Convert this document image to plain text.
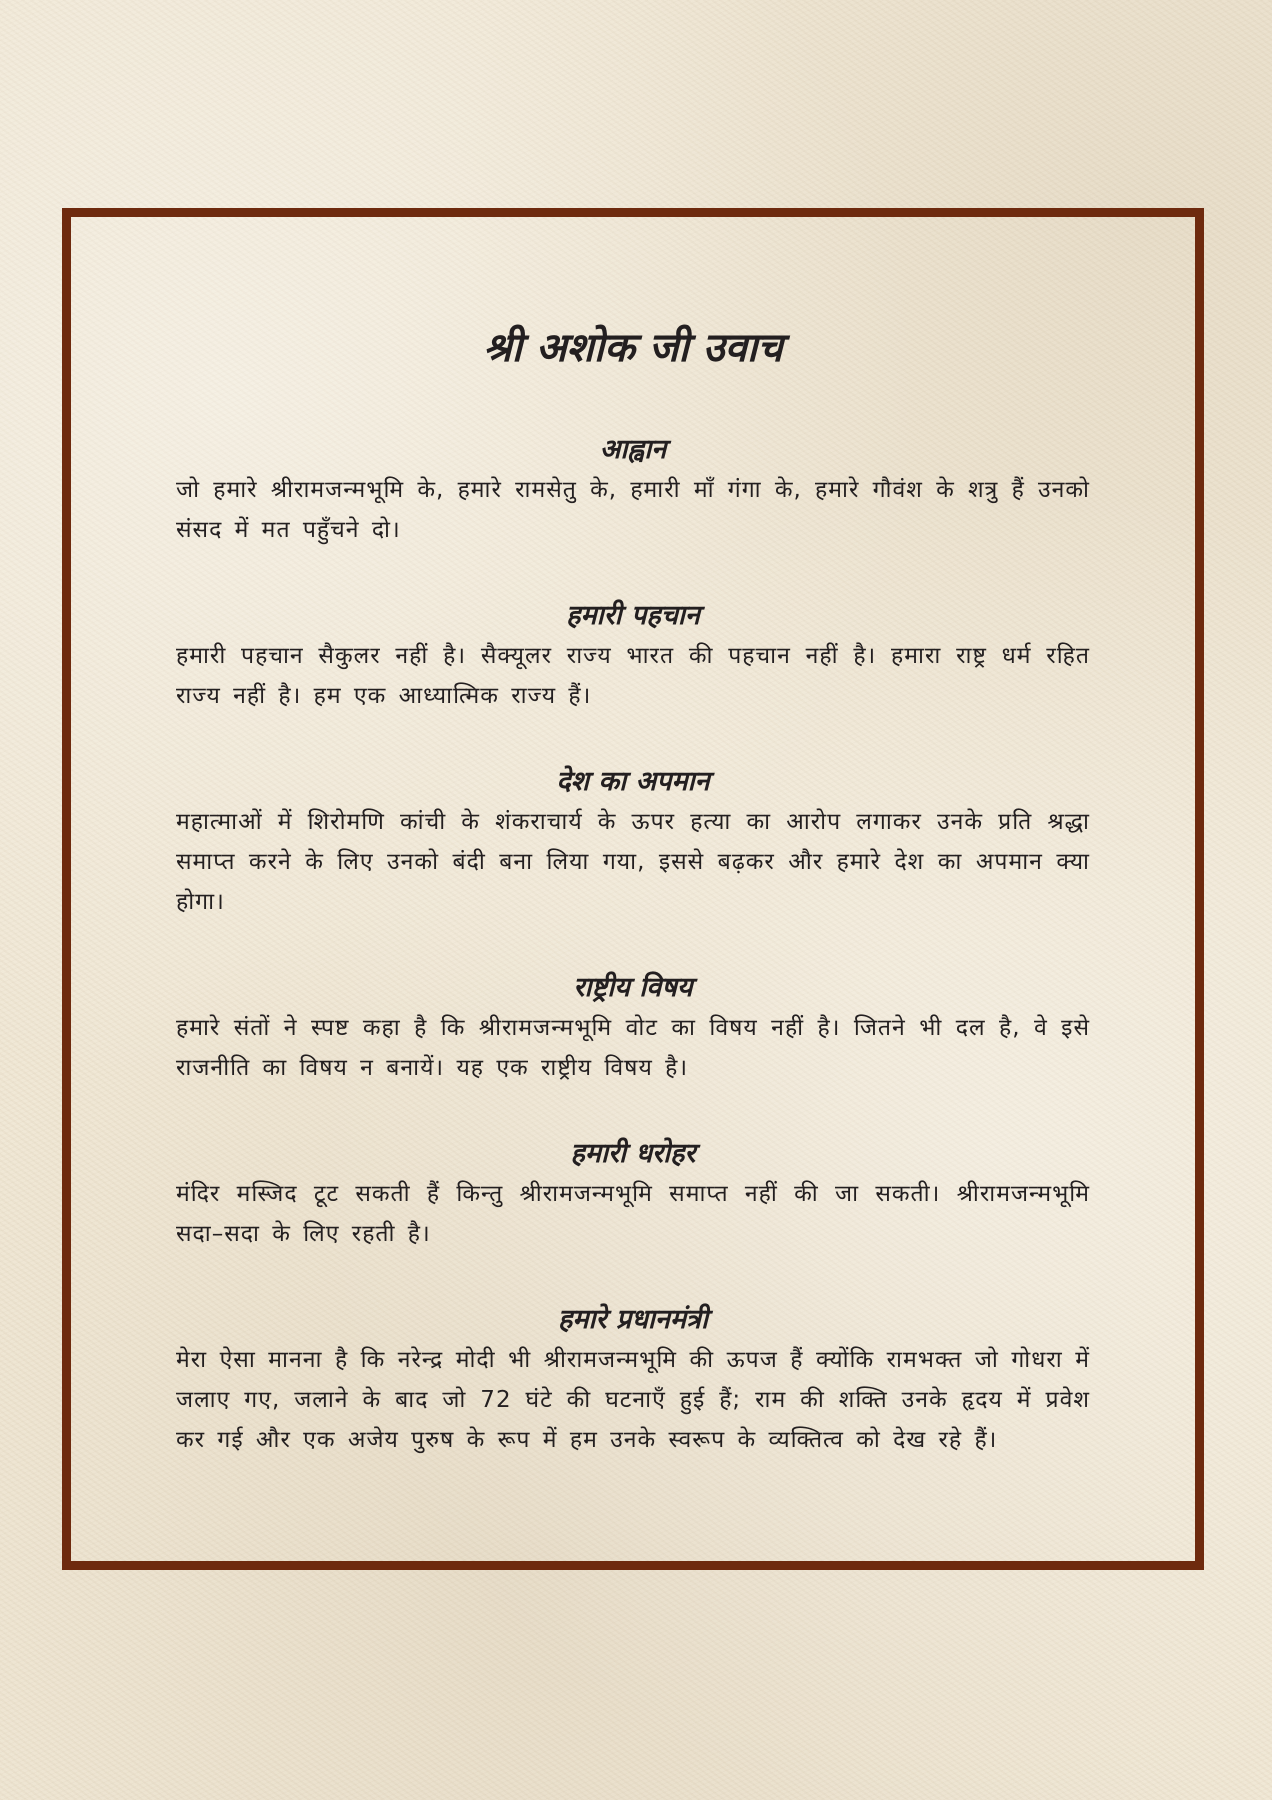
श्री अशोक जी उवाच
आह्वान

जो हमारे श्रीरामजन्मभूमि के, हमारे रामसेतु के, हमारी माँ गंगा के, हमारे गौवंश के शत्रु हैं उनको संसद में मत पहुँचने दो।

हमारी पहचान

हमारी पहचान सैकुलर नहीं है। सैक्यूलर राज्य भारत की पहचान नहीं है। हमारा राष्ट्र धर्म रहित राज्य नहीं है। हम एक आध्यात्मिक राज्य हैं।

देश का अपमान

महात्माओं में शिरोमणि कांची के शंकराचार्य के ऊपर हत्या का आरोप लगाकर उनके प्रति श्रद्धा समाप्त करने के लिए उनको बंदी बना लिया गया, इससे बढ़कर और हमारे देश का अपमान क्या होगा।

राष्ट्रीय विषय

हमारे संतों ने स्पष्ट कहा है कि श्रीरामजन्मभूमि वोट का विषय नहीं है। जितने भी दल है, वे इसे राजनीति का विषय न बनायें। यह एक राष्ट्रीय विषय है।

हमारी धरोहर

मंदिर मस्जिद टूट सकती हैं किन्तु श्रीरामजन्मभूमि समाप्त नहीं की जा सकती। श्रीरामजन्मभूमि सदा–सदा के लिए रहती है।

हमारे प्रधानमंत्री

मेरा ऐसा मानना है कि नरेन्द्र मोदी भी श्रीरामजन्मभूमि की ऊपज हैं क्योंकि रामभक्त जो गोधरा में जलाए गए, जलाने के बाद जो 72 घंटे की घटनाएँ हुई हैं; राम की शक्ति उनके हृदय में प्रवेश कर गई और एक अजेय पुरुष के रूप में हम उनके स्वरूप के व्यक्तित्व को देख रहे हैं।
